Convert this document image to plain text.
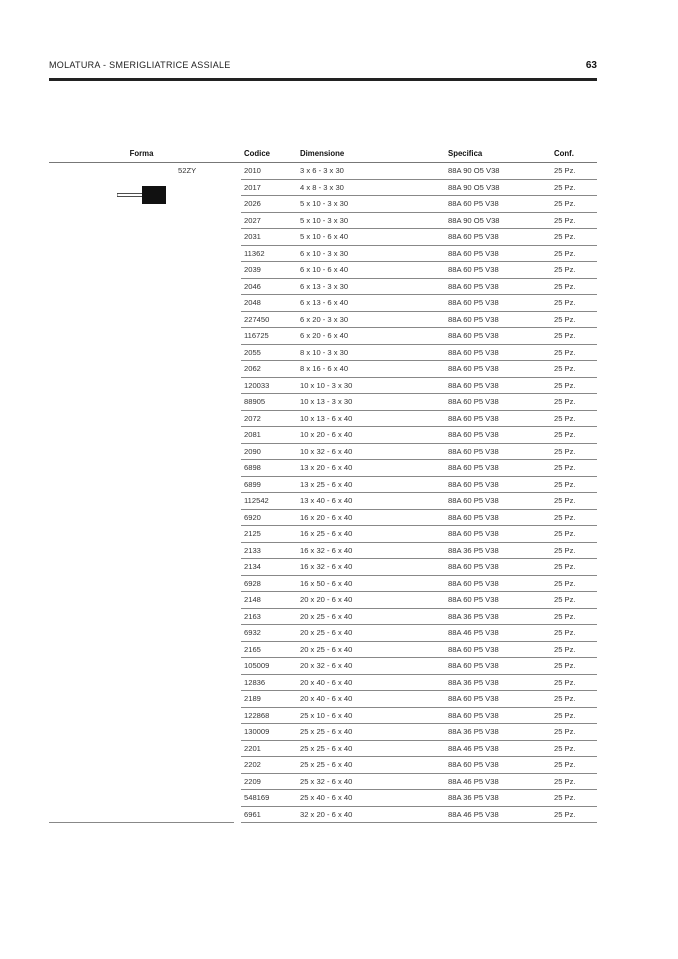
MOLATURA - SMERIGLIATRICE ASSIALE	63
Forma		Codice	Dimensione	Specifica	Conf.

52ZY		2010	3 x 6 - 3 x 30	88A 90 O5 V38	25 Pz.
		2017	4 x 8 - 3 x 30	88A 90 O5 V38	25 Pz.
		2026	5 x 10 - 3 x 30	88A 60 P5 V38	25 Pz.
		2027	5 x 10 - 3 x 30	88A 90 O5 V38	25 Pz.
		2031	5 x 10 - 6 x 40	88A 60 P5 V38	25 Pz.
		11362	6 x 10 - 3 x 30	88A 60 P5 V38	25 Pz.
		2039	6 x 10 - 6 x 40	88A 60 P5 V38	25 Pz.
		2046	6 x 13 - 3 x 30	88A 60 P5 V38	25 Pz.
		2048	6 x 13 - 6 x 40	88A 60 P5 V38	25 Pz.
		227450	6 x 20 - 3 x 30	88A 60 P5 V38	25 Pz.
		116725	6 x 20 - 6 x 40	88A 60 P5 V38	25 Pz.
		2055	8 x 10 - 3 x 30	88A 60 P5 V38	25 Pz.
		2062	8 x 16 - 6 x 40	88A 60 P5 V38	25 Pz.
		120033	10 x 10 - 3 x 30	88A 60 P5 V38	25 Pz.
		88905	10 x 13 - 3 x 30	88A 60 P5 V38	25 Pz.
		2072	10 x 13 - 6 x 40	88A 60 P5 V38	25 Pz.
		2081	10 x 20 - 6 x 40	88A 60 P5 V38	25 Pz.
		2090	10 x 32 - 6 x 40	88A 60 P5 V38	25 Pz.
		6898	13 x 20 - 6 x 40	88A 60 P5 V38	25 Pz.
		6899	13 x 25 - 6 x 40	88A 60 P5 V38	25 Pz.
		112542	13 x 40 - 6 x 40	88A 60 P5 V38	25 Pz.
		6920	16 x 20 - 6 x 40	88A 60 P5 V38	25 Pz.
		2125	16 x 25 - 6 x 40	88A 60 P5 V38	25 Pz.
		2133	16 x 32 - 6 x 40	88A 36 P5 V38	25 Pz.
		2134	16 x 32 - 6 x 40	88A 60 P5 V38	25 Pz.
		6928	16 x 50 - 6 x 40	88A 60 P5 V38	25 Pz.
		2148	20 x 20 - 6 x 40	88A 60 P5 V38	25 Pz.
		2163	20 x 25 - 6 x 40	88A 36 P5 V38	25 Pz.
		6932	20 x 25 - 6 x 40	88A 46 P5 V38	25 Pz.
		2165	20 x 25 - 6 x 40	88A 60 P5 V38	25 Pz.
		105009	20 x 32 - 6 x 40	88A 60 P5 V38	25 Pz.
		12836	20 x 40 - 6 x 40	88A 36 P5 V38	25 Pz.
		2189	20 x 40 - 6 x 40	88A 60 P5 V38	25 Pz.
		122868	25 x 10 - 6 x 40	88A 60 P5 V38	25 Pz.
		130009	25 x 25 - 6 x 40	88A 36 P5 V38	25 Pz.
		2201	25 x 25 - 6 x 40	88A 46 P5 V38	25 Pz.
		2202	25 x 25 - 6 x 40	88A 60 P5 V38	25 Pz.
		2209	25 x 32 - 6 x 40	88A 46 P5 V38	25 Pz.
		548169	25 x 40 - 6 x 40	88A 36 P5 V38	25 Pz.
		6961	32 x 20 - 6 x 40	88A 46 P5 V38	25 Pz.
